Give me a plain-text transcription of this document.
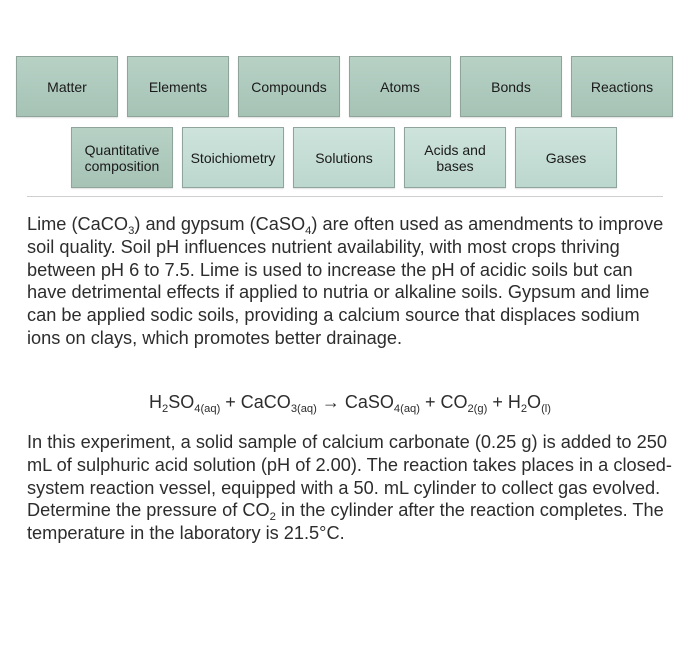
Matter	Elements	Compounds	Atoms	Bonds	Reactions
Quantitative
composition Stoichiometry	Solutions	Acids and
bases	Gases

Lime (CaCO$_3$) and gypsum (CaSO$_4$) are often used as amendments to improve soil quality. Soil pH influences nutrient availability, with most crops thriving between pH 6 to 7.5. Lime is used to increase the pH of acidic soils but can have detrimental effects if applied to nutria or alkaline soils. Gypsum and lime can be applied sodic soils, providing a calcium source that displaces sodium ions on clays, which promotes better drainage.

$H_2SO_{4(aq)}$ + CaCO$_{3(aq)}$ → CaSO$_{4(aq)}$ + $CO_{2(g)} + H_2O_{(l)}$

In this experiment, a solid sample of calcium carbonate (0.25 g) is added to 250 mL of sulphuric acid solution (pH of 2.00). The reaction takes places in a closed-system reaction vessel, equipped with a 50. mL cylinder to collect gas evolved. Determine the pressure of $CO_2$ in the cylinder after the reaction completes. The temperature in the laboratory is 21.5°C.
